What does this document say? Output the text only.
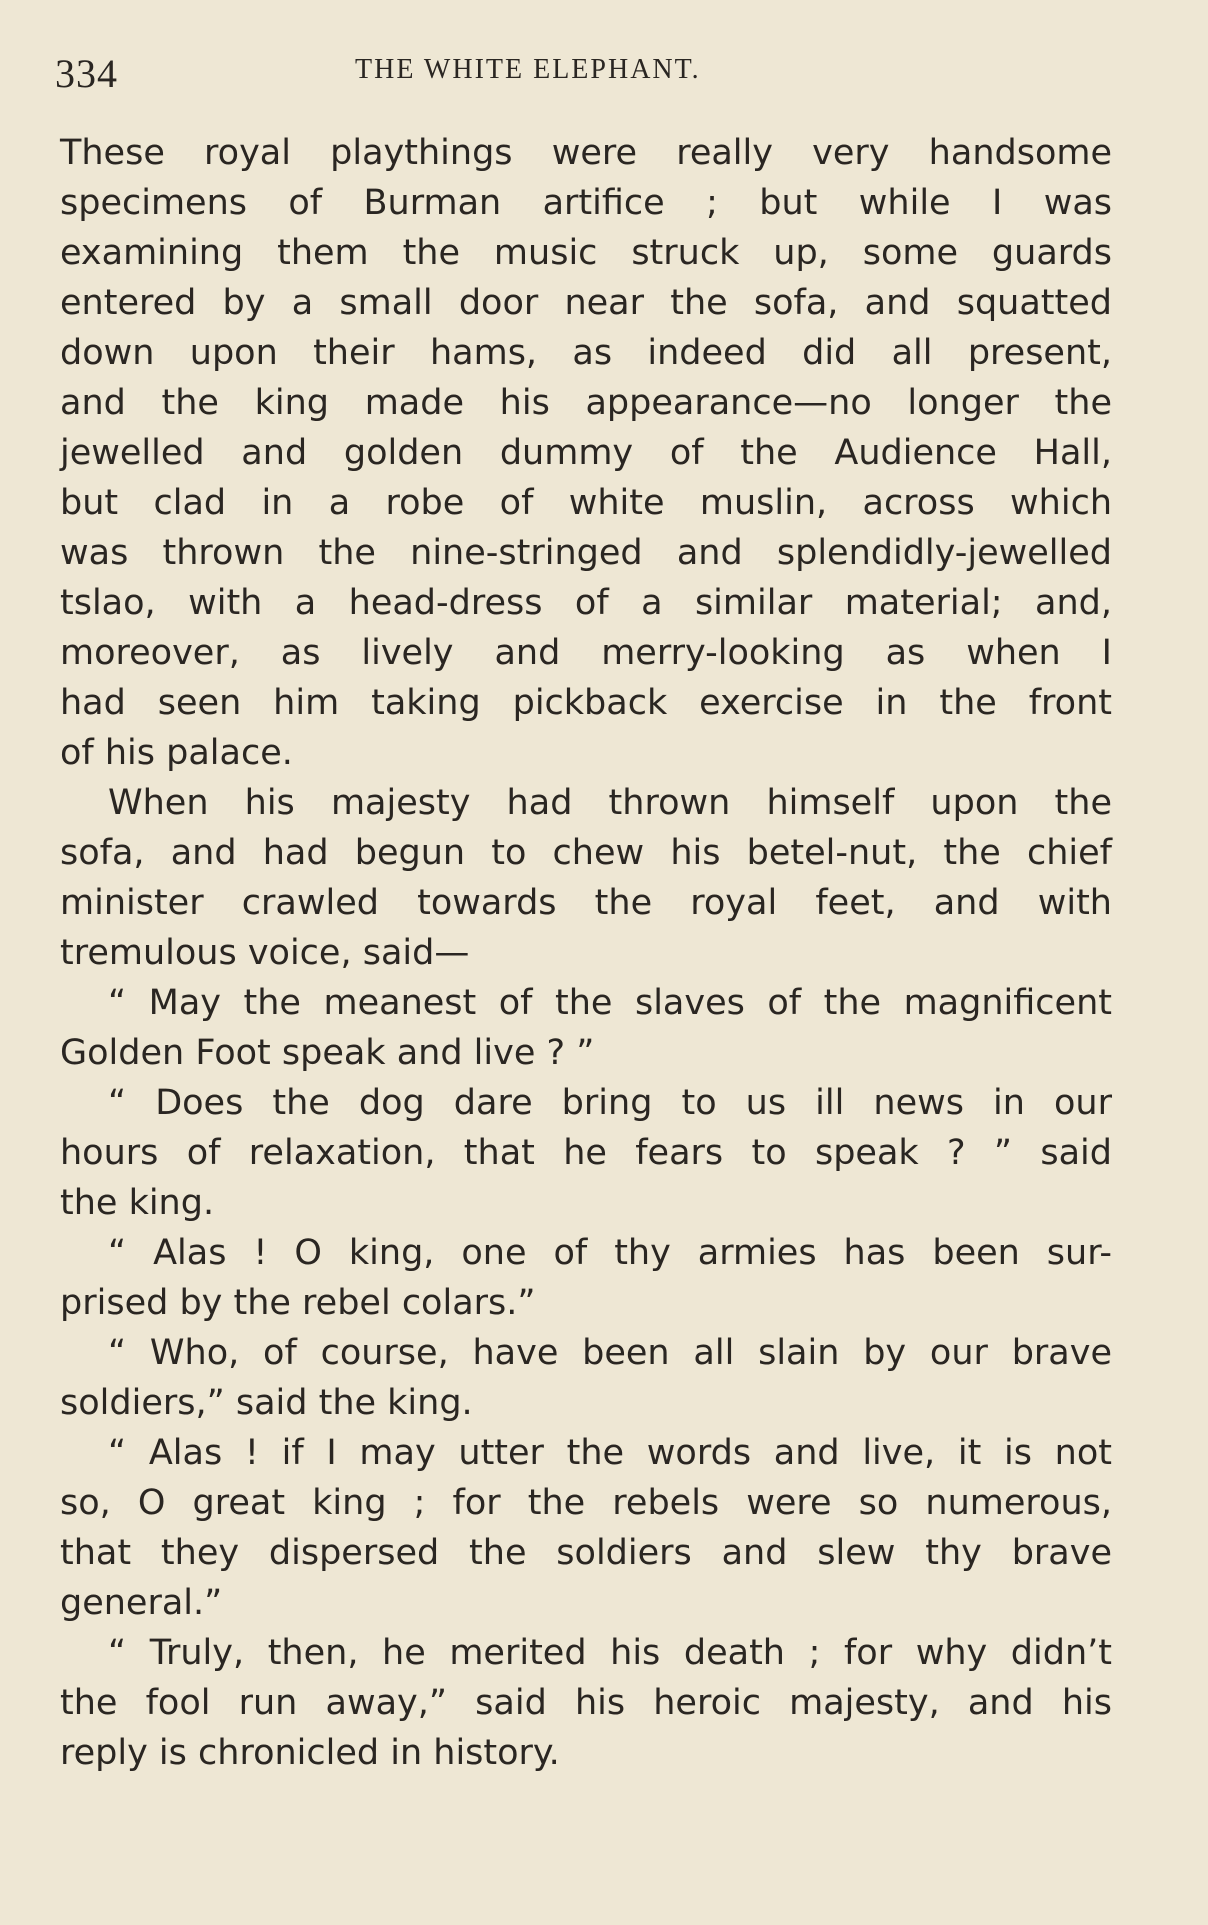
334	THE WHITE ELEPHANT.
These royal playthings were really very handsome
specimens of Burman artifice ; but while I was
examining them the music struck up, some guards
entered by a small door near the sofa, and squatted
down upon their hams, as indeed did all present,
and the king made his appearance—no longer the
jewelled and golden dummy of the Audience Hall,
but clad in a robe of white muslin, across which
was thrown the nine-stringed and splendidly-jewelled
tslao, with a head-dress of a similar material; and,
moreover, as lively and merry-looking as when I
had seen him taking pickback exercise in the front
of his palace.
When his majesty had thrown himself upon the
sofa, and had begun to chew his betel-nut, the chief
minister crawled towards the royal feet, and with
tremulous voice, said—
“ May the meanest of the slaves of the magnificent
Golden Foot speak and live ? ”
“ Does the dog dare bring to us ill news in our
hours of relaxation, that he fears to speak ? ” said
the king.
“ Alas ! O king, one of thy armies has been sur-
prised by the rebel colars.”
“ Who, of course, have been all slain by our brave
soldiers,” said the king.
“ Alas ! if I may utter the words and live, it is not
so, O great king ; for the rebels were so numerous,
that they dispersed the soldiers and slew thy brave
general.”
“ Truly, then, he merited his death ; for why didn’t
the fool run away,” said his heroic majesty, and his
reply is chronicled in history.
